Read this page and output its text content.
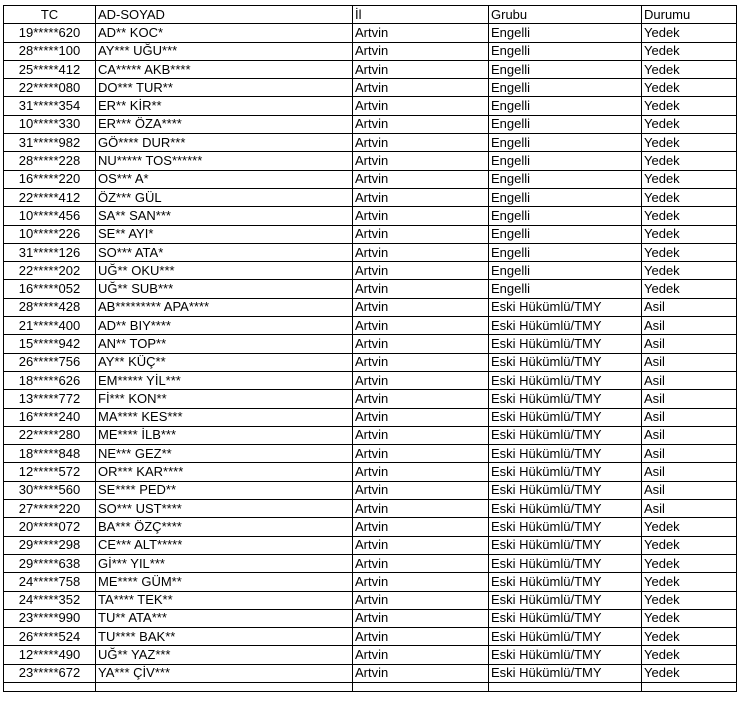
TC	AD-SOYAD	İl	Grubu	Durumu
19*****620	AD** KOC*	Artvin	Engelli	Yedek
28*****100	AY*** UĞU***	Artvin	Engelli	Yedek
25*****412	CA***** AKB****	Artvin	Engelli	Yedek
22*****080	DO*** TUR**	Artvin	Engelli	Yedek
31*****354	ER** KİR**	Artvin	Engelli	Yedek
10*****330	ER*** ÖZA****	Artvin	Engelli	Yedek
31*****982	GÖ**** DUR***	Artvin	Engelli	Yedek
28*****228	NU***** TOS******	Artvin	Engelli	Yedek
16*****220	OS*** A*	Artvin	Engelli	Yedek
22*****412	ÖZ*** GÜL	Artvin	Engelli	Yedek
10*****456	SA** SAN***	Artvin	Engelli	Yedek
10*****226	SE** AYI*	Artvin	Engelli	Yedek
31*****126	SO*** ATA*	Artvin	Engelli	Yedek
22*****202	UĞ** OKU***	Artvin	Engelli	Yedek
16*****052	UĞ** SUB***	Artvin	Engelli	Yedek
28*****428	AB********* APA****	Artvin	Eski Hükümlü/TMY	Asil
21*****400	AD** BIY****	Artvin	Eski Hükümlü/TMY	Asil
15*****942	AN** TOP**	Artvin	Eski Hükümlü/TMY	Asil
26*****756	AY** KÜÇ**	Artvin	Eski Hükümlü/TMY	Asil
18*****626	EM***** YİL***	Artvin	Eski Hükümlü/TMY	Asil
13*****772	Fİ*** KON**	Artvin	Eski Hükümlü/TMY	Asil
16*****240	MA**** KES***	Artvin	Eski Hükümlü/TMY	Asil
22*****280	ME**** İLB***	Artvin	Eski Hükümlü/TMY	Asil
18*****848	NE*** GEZ**	Artvin	Eski Hükümlü/TMY	Asil
12*****572	OR*** KAR****	Artvin	Eski Hükümlü/TMY	Asil
30*****560	SE**** PED**	Artvin	Eski Hükümlü/TMY	Asil
27*****220	SO*** UST****	Artvin	Eski Hükümlü/TMY	Asil
20*****072	BA*** ÖZÇ****	Artvin	Eski Hükümlü/TMY	Yedek
29*****298	CE*** ALT*****	Artvin	Eski Hükümlü/TMY	Yedek
29*****638	Gİ*** YIL***	Artvin	Eski Hükümlü/TMY	Yedek
24*****758	ME**** GÜM**	Artvin	Eski Hükümlü/TMY	Yedek
24*****352	TA**** TEK**	Artvin	Eski Hükümlü/TMY	Yedek
23*****990	TU** ATA***	Artvin	Eski Hükümlü/TMY	Yedek
26*****524	TU**** BAK**	Artvin	Eski Hükümlü/TMY	Yedek
12*****490	UĞ** YAZ***	Artvin	Eski Hükümlü/TMY	Yedek
23*****672	YA*** ÇİV***	Artvin	Eski Hükümlü/TMY	Yedek
